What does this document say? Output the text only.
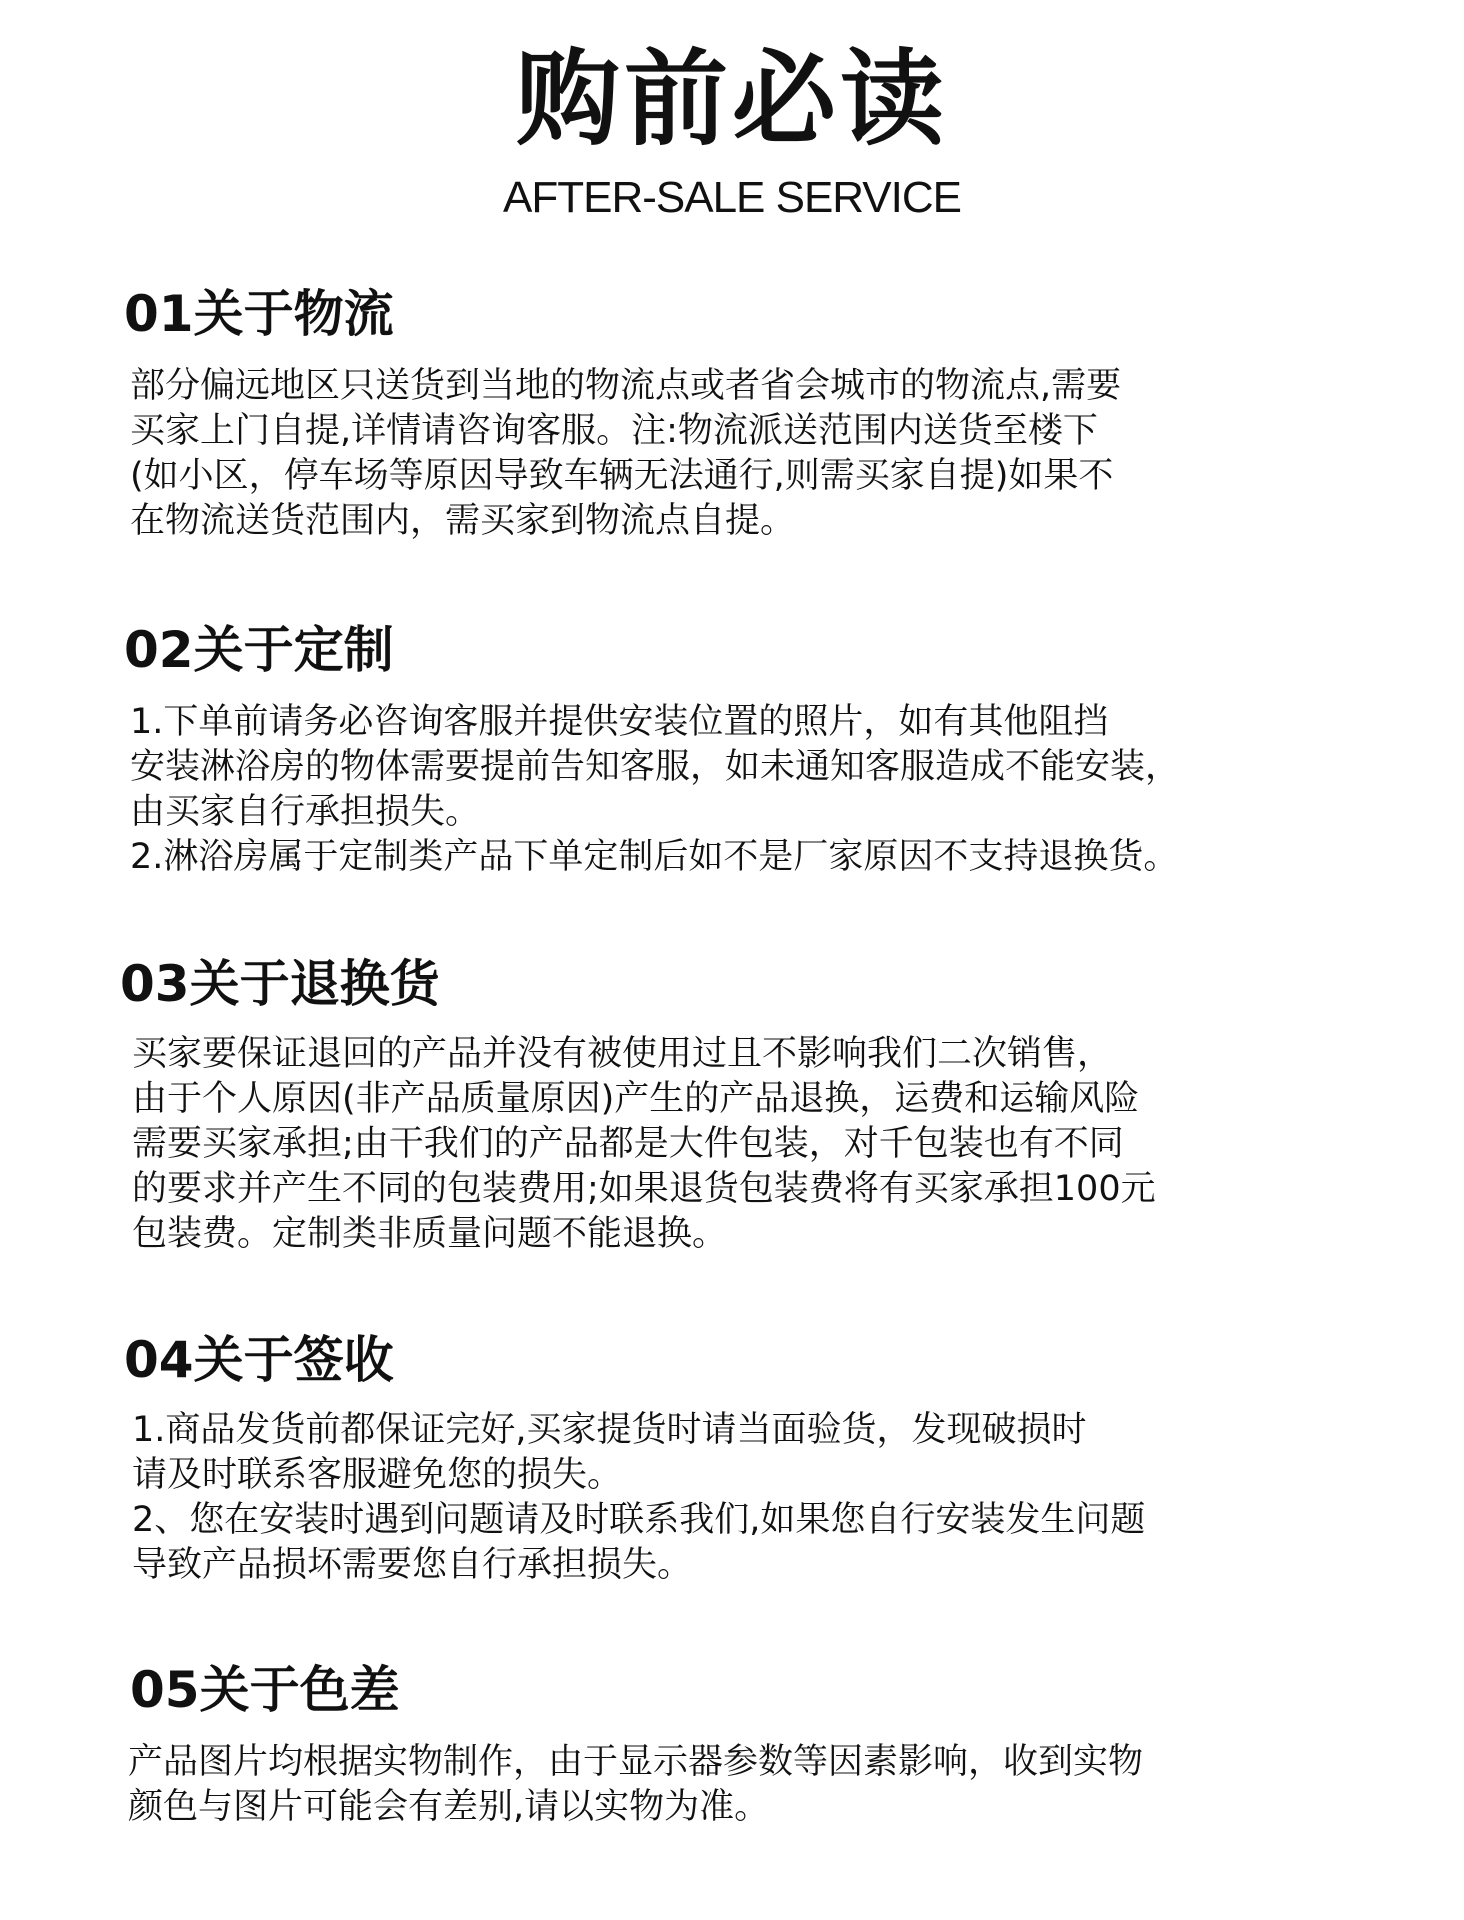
购前必读
AFTER-SALE SERVICE
01关于物流
部分偏远地区只送货到当地的物流点或者省会城市的物流点,需要
买家上门自提,详情请咨询客服。注:物流派送范围内送货至楼下
(如小区，停车场等原因导致车辆无法通行,则需买家自提)如果不
在物流送货范围内，需买家到物流点自提。
02关于定制
1.下单前请务必咨询客服并提供安装位置的照片，如有其他阻挡
安装淋浴房的物体需要提前告知客服，如未通知客服造成不能安装，
由买家自行承担损失。
2.淋浴房属于定制类产品下单定制后如不是厂家原因不支持退换货。
03关于退换货
买家要保证退回的产品并没有被使用过且不影响我们二次销售，
由于个人原因(非产品质量原因)产生的产品退换，运费和运输风险
需要买家承担;由干我们的产品都是大件包装，对千包装也有不同
的要求并产生不同的包装费用;如果退货包装费将有买家承担100元
包装费。定制类非质量问题不能退换。
04关于签收
1.商品发货前都保证完好,买家提货时请当面验货，发现破损时
请及时联系客服避免您的损失。
2、您在安装时遇到问题请及时联系我们,如果您自行安装发生问题
导致产品损坏需要您自行承担损失。
05关于色差
产品图片均根据实物制作，由于显示器参数等因素影响，收到实物
颜色与图片可能会有差别,请以实物为准。
